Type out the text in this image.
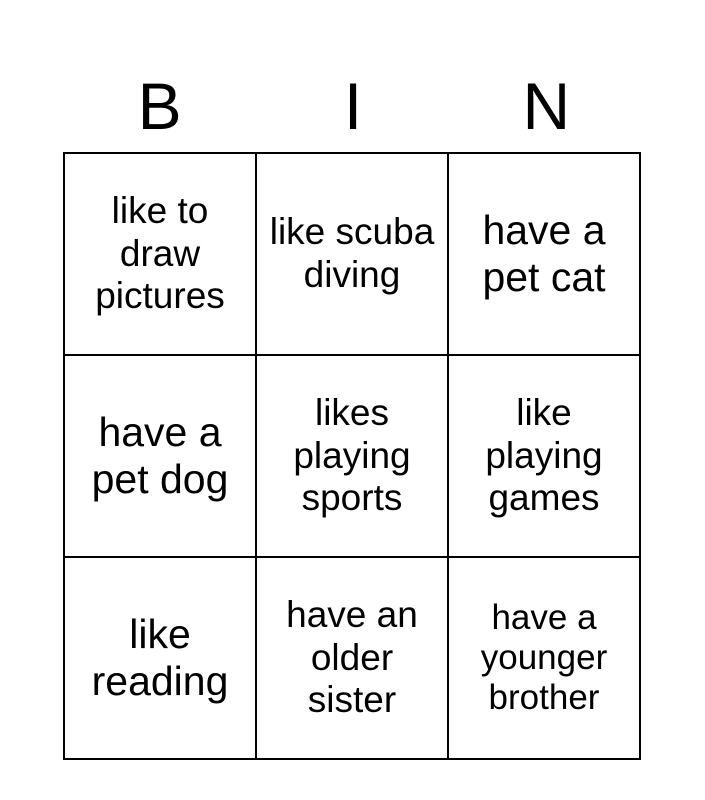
B	I	N
like to draw pictures	like scuba diving	have a pet cat

have a pet dog	likes playing sports	like playing games

like reading	have an older sister	have a younger brother
